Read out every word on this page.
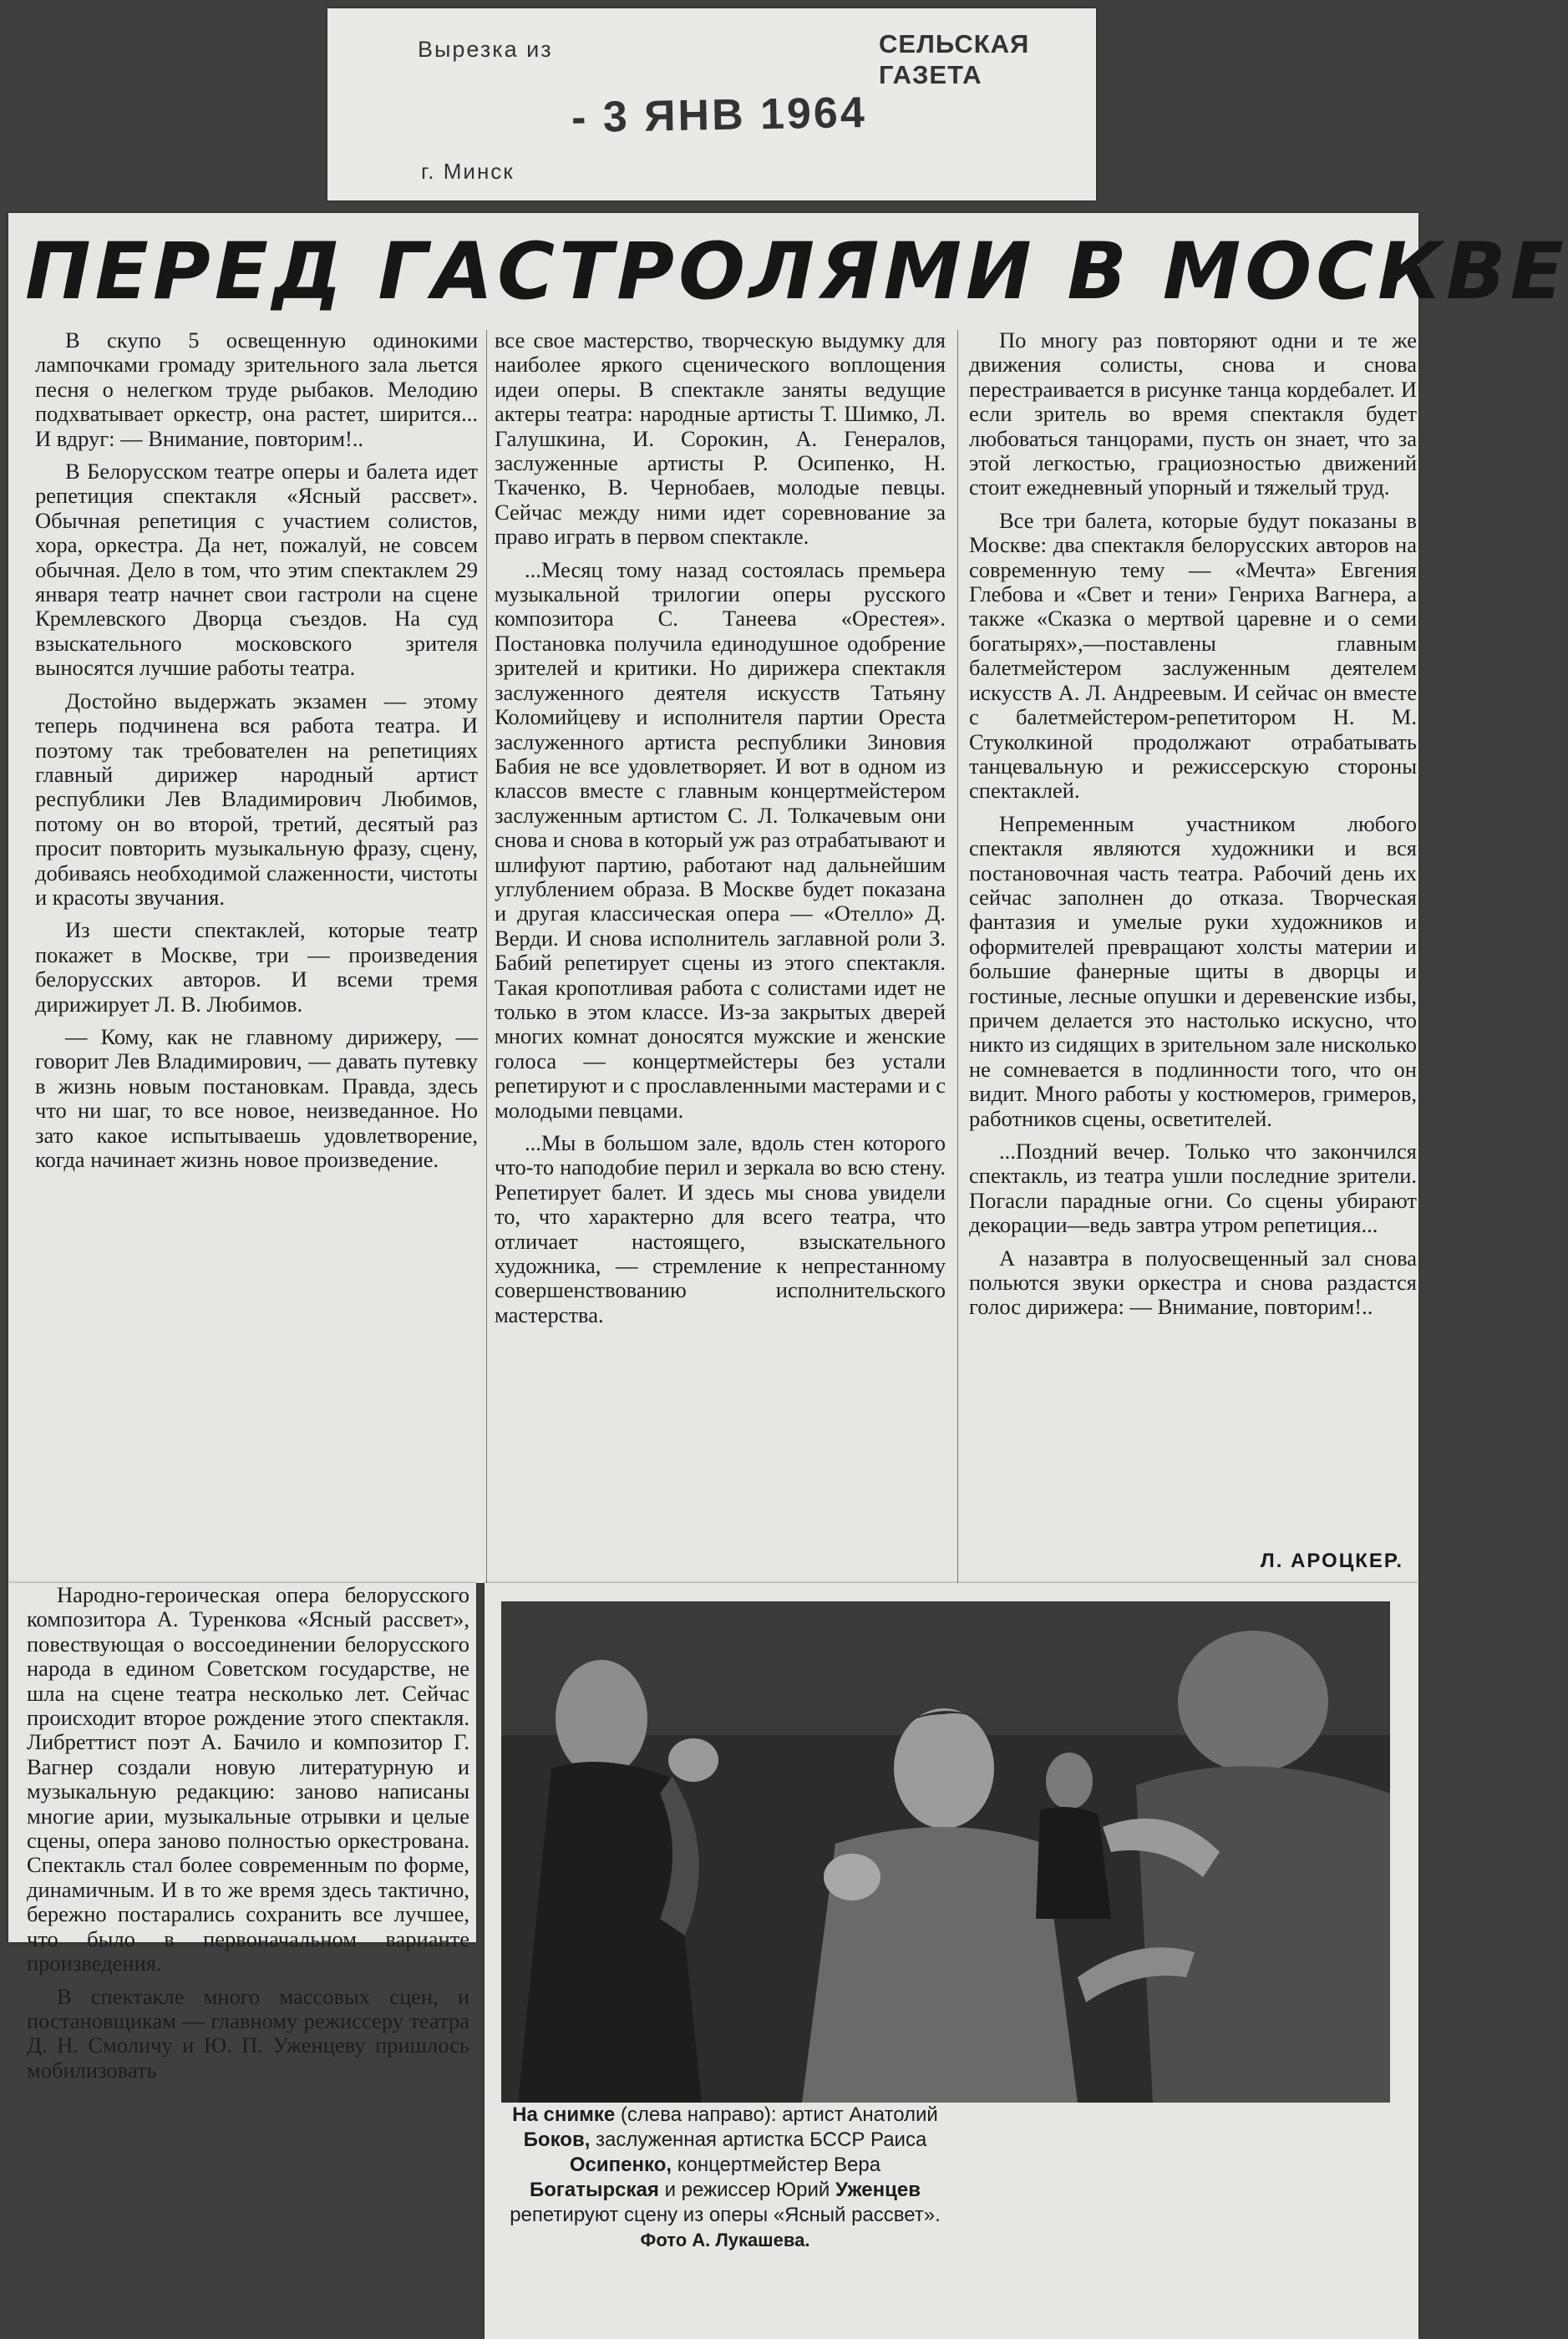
Вырезка из	СЕЛЬСКАЯ ГАЗЕТА
- 3 ЯНВ 1964
г. Минск
ПЕРЕД ГАСТРОЛЯМИ В МОСКВЕ

В скупо 5 освещенную одинокими лампочками громаду зрительного зала льется песня о нелегком труде рыбаков. Мелодию подхватывает оркестр, она растет, ширится... И вдруг: — Внимание, повторим!..

В Белорусском театре оперы и балета идет репетиция спектакля «Ясный рассвет». Обычная репетиция с участием солистов, хора, оркестра. Да нет, пожалуй, не совсем обычная. Дело в том, что этим спектаклем 29 января театр начнет свои гастроли на сцене Кремлевского Дворца съездов. На суд взыскательного московского зрителя выносятся лучшие работы театра.

Достойно выдержать экзамен — этому теперь подчинена вся работа театра. И поэтому так требователен на репетициях главный дирижер народный артист республики Лев Владимирович Любимов, потому он во второй, третий, десятый раз просит повторить музыкальную фразу, сцену, добиваясь необходимой слаженности, чистоты и красоты звучания.

Из шести спектаклей, которые театр покажет в Москве, три — произведения белорусских авторов. И всеми тремя дирижирует Л. В. Любимов.

— Кому, как не главному дирижеру, — говорит Лев Владимирович, — давать путевку в жизнь новым постановкам. Правда, здесь что ни шаг, то все новое, неизведанное. Но зато какое испытываешь удовлетворение, когда начинает жизнь новое произведение.

все свое мастерство, творческую выдумку для наиболее яркого сценического воплощения идеи оперы. В спектакле заняты ведущие актеры театра: народные артисты Т. Шимко, Л. Галушкина, И. Сорокин, А. Генералов, заслуженные артисты Р. Осипенко, Н. Ткаченко, В. Чернобаев, молодые певцы. Сейчас между ними идет соревнование за право играть в первом спектакле.

...Месяц тому назад состоялась премьера музыкальной трилогии оперы русского композитора С. Танеева «Орестея». Постановка получила единодушное одобрение зрителей и критики. Но дирижера спектакля заслуженного деятеля искусств Татьяну Коломийцеву и исполнителя партии Ореста заслуженного артиста республики Зиновия Бабия не все удовлетворяет. И вот в одном из классов вместе с главным концертмейстером заслуженным артистом С. Л. Толкачевым они снова и снова в который уж раз отрабатывают и шлифуют партию, работают над дальнейшим углублением образа. В Москве будет показана и другая классическая опера — «Отелло» Д. Верди. И снова исполнитель заглавной роли З. Бабий репетирует сцены из этого спектакля. Такая кропотливая работа с солистами идет не только в этом классе. Из-за закрытых дверей многих комнат доносятся мужские и женские голоса — концертмейстеры без устали репетируют и с прославленными мастерами и с молодыми певцами.

...Мы в большом зале, вдоль стен которого что-то наподобие перил и зеркала во всю стену. Репетирует балет. И здесь мы снова увидели то, что характерно для всего театра, что отличает настоящего, взыскательного художника, — стремление к непрестанному совершенствованию исполнительского мастерства.

По многу раз повторяют одни и те же движения солисты, снова и снова перестраивается в рисунке танца кордебалет. И если зритель во время спектакля будет любоваться танцорами, пусть он знает, что за этой легкостью, грациозностью движений стоит ежедневный упорный и тяжелый труд.

Все три балета, которые будут показаны в Москве: два спектакля белорусских авторов на современную тему — «Мечта» Евгения Глебова и «Свет и тени» Генриха Вагнера, а также «Сказка о мертвой царевне и о семи богатырях»,—поставлены главным балетмейстером заслуженным деятелем искусств А. Л. Андреевым. И сейчас он вместе с балетмейстером-репетитором Н. М. Стуколкиной продолжают отрабатывать танцевальную и режиссерскую стороны спектаклей.

Непременным участником любого спектакля являются художники и вся постановочная часть театра. Рабочий день их сейчас заполнен до отказа. Творческая фантазия и умелые руки художников и оформителей превращают холсты материи и большие фанерные щиты в дворцы и гостиные, лесные опушки и деревенские избы, причем делается это настолько искусно, что никто из сидящих в зрительном зале нисколько не сомневается в подлинности того, что он видит. Много работы у костюмеров, гримеров, работников сцены, осветителей.

...Поздний вечер. Только что закончился спектакль, из театра ушли последние зрители. Погасли парадные огни. Со сцены убирают декорации—ведь завтра утром репетиция...

А назавтра в полуосвещенный зал снова польются звуки оркестра и снова раздастся голос дирижера: — Внимание, повторим!..

Л. АРОЦКЕР.

Народно-героическая опера белорусского композитора А. Туренкова «Ясный рассвет», повествующая о воссоединении белорусского народа в едином Советском государстве, не шла на сцене театра несколько лет. Сейчас происходит второе рождение этого спектакля. Либреттист поэт А. Бачило и композитор Г. Вагнер создали новую литературную и музыкальную редакцию: заново написаны многие арии, музыкальные отрывки и целые сцены, опера заново полностью оркестрована. Спектакль стал более современным по форме, динамичным. И в то же время здесь тактично, бережно постарались сохранить все лучшее, что было в первоначальном варианте произведения.

В спектакле много массовых сцен, и постановщикам — главному режиссеру театра Д. Н. Смоличу и Ю. П. Уженцеву пришлось мобилизовать

На снимке (слева направо): артист Анатолий Боков, заслуженная артистка БССР Раиса Осипенко, концертмейстер Вера Богатырская и режиссер Юрий Уженцев репетируют сцену из оперы «Ясный рассвет».
Фото А. Лукашева.
